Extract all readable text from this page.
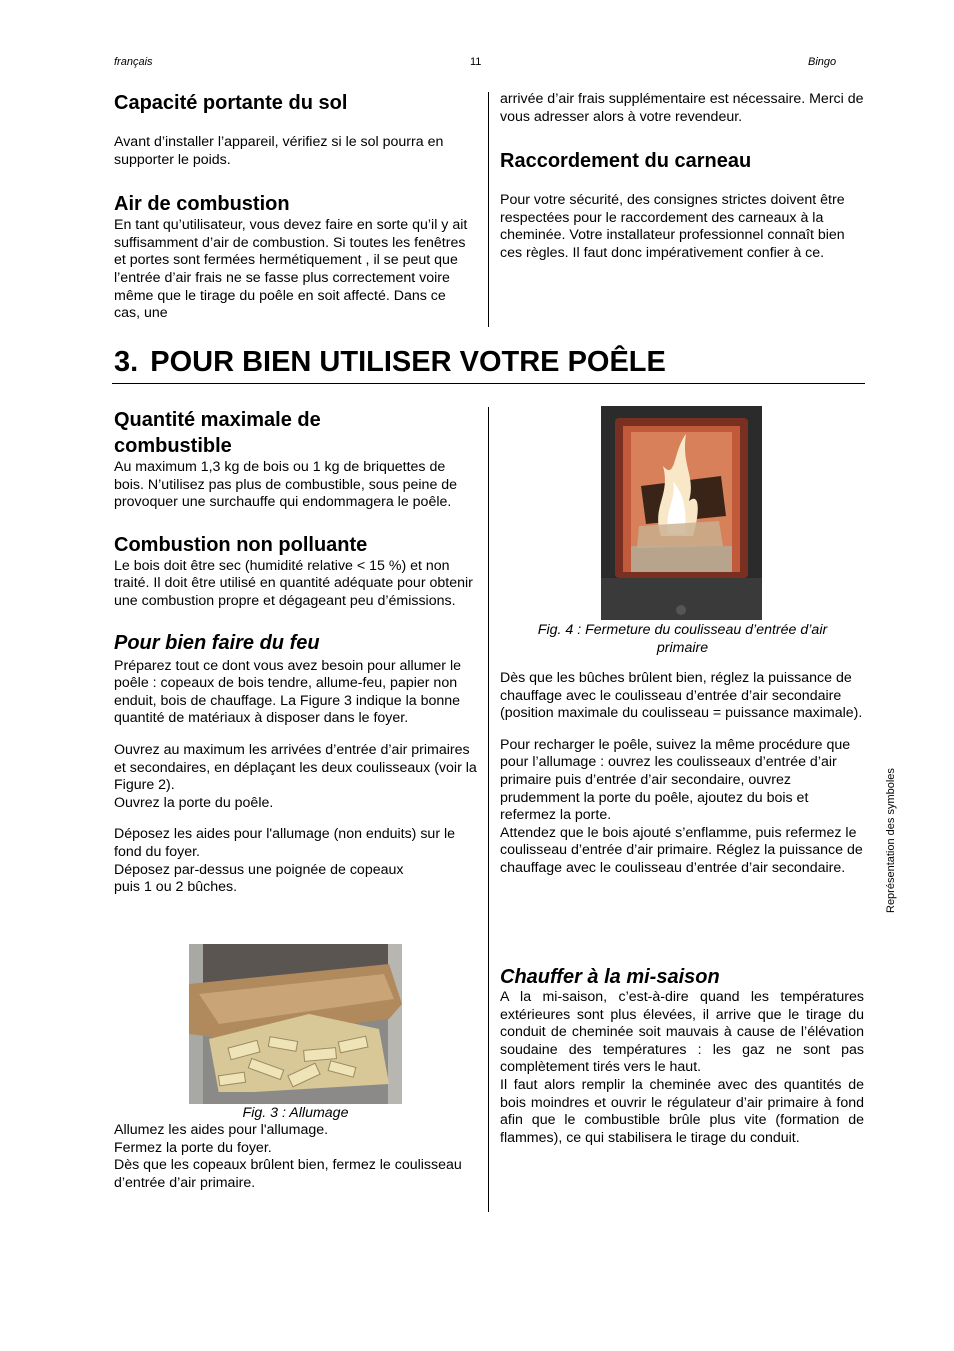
français	11	Bingo
Capacité portante du sol

Avant d’installer l’appareil, vérifiez si le sol pourra en supporter le poids.

Air de combustion

En tant qu’utilisateur, vous devez faire en sorte qu’il y ait suffisamment d’air de combustion. Si toutes les fenêtres et portes sont fermées hermétiquement , il se peut que l’entrée d’air frais ne se fasse plus correctement voire même que le tirage du poêle en soit affecté. Dans ce cas, une

arrivée d’air frais supplémentaire est nécessaire. Merci de vous adresser alors à votre revendeur.

Raccordement du carneau

Pour votre sécurité, des consignes strictes doivent être respectées pour le raccordement des carneaux à la cheminée. Votre installateur professionnel connaît bien ces règles. Il faut donc impérativement confier à ce.

3. POUR BIEN UTILISER VOTRE POÊLE
Quantité maximale de
combustible

Au maximum 1,3 kg de bois ou 1 kg de briquettes de bois. N’utilisez pas plus de combustible, sous peine de provoquer une surchauffe qui endommagera le poêle.

Combustion non polluante

Le bois doit être sec (humidité relative < 15 %) et non traité. Il doit être utilisé en quantité adéquate pour obtenir une combustion propre et dégageant peu d’émissions.

Pour bien faire du feu

Préparez tout ce dont vous avez besoin pour allumer le poêle : copeaux de bois tendre, allume-feu, papier non enduit, bois de chauffage. La Figure 3 indique la bonne quantité de matériaux à disposer dans le foyer.

Ouvrez au maximum les arrivées d’entrée d’air primaires et secondaires, en déplaçant les deux coulisseaux (voir la Figure 2).
Ouvrez la porte du poêle.

Déposez les aides pour l'allumage (non enduits) sur le fond du foyer.
Déposez par-dessus une poignée de copeaux
puis 1 ou 2 bûches.

Fig. 3 : Allumage

Allumez les aides pour l'allumage.

Fermez la porte du foyer.

Dès que les copeaux brûlent bien, fermez le coulisseau d’entrée d’air primaire.

Fig. 4 : Fermeture du coulisseau d’entrée d’air
primaire

Dès que les bûches brûlent bien, réglez la puissance de chauffage avec le coulisseau d’entrée d’air secondaire (position maximale du coulisseau = puissance maximale).

Pour recharger le poêle, suivez la même procédure que pour l’allumage : ouvrez les coulisseaux d’entrée d’air primaire puis d’entrée d’air secondaire, ouvrez prudemment la porte du poêle, ajoutez du bois et refermez la porte.
Attendez que le bois ajouté s’enflamme, puis refermez le coulisseau d’entrée d’air primaire. Réglez la puissance de chauffage avec le coulisseau d’entrée d’air secondaire.

Chauffer à la mi-saison

A la mi-saison, c’est-à-dire quand les températures extérieures sont plus élevées, il arrive que le tirage du conduit de cheminée soit mauvais à cause de l’élévation soudaine des températures : les gaz ne sont pas complètement tirés vers le haut.

Il faut alors remplir la cheminée avec des quantités de bois moindres et ouvrir le régulateur d’air primaire à fond afin que le combustible brûle plus vite (formation de flammes), ce qui stabilisera le tirage du conduit.

Représentation des symboles
